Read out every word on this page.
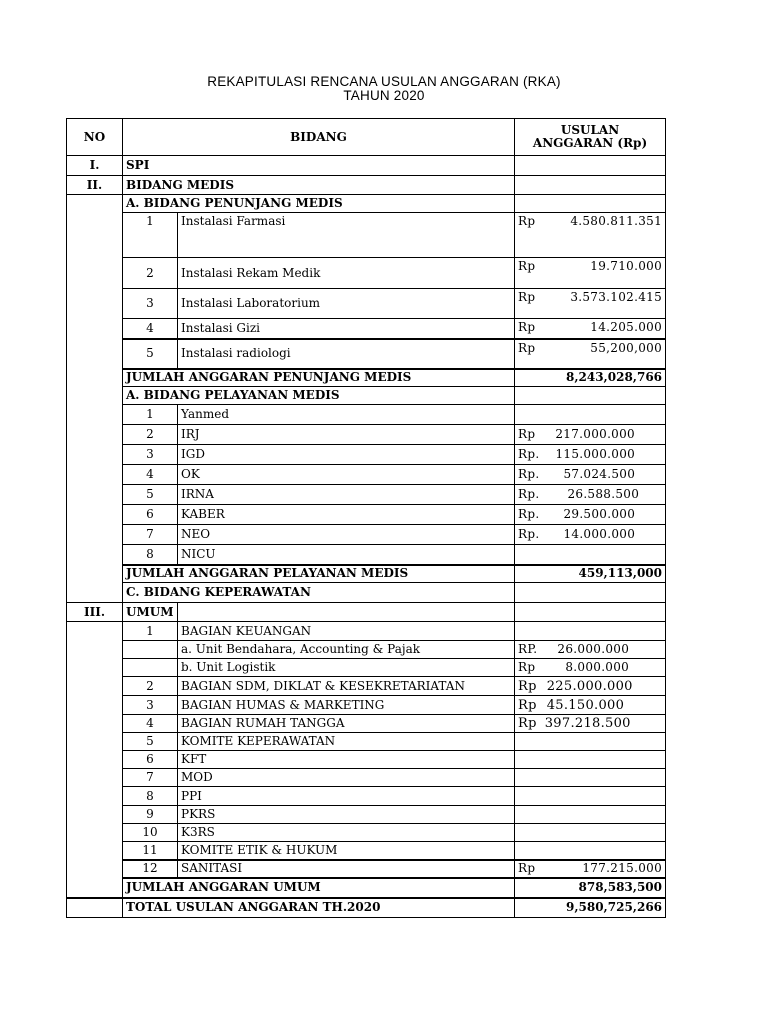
REKAPITULASI RENCANA USULAN ANGGARAN (RKA)
TAHUN 2020
NO	BIDANG		USULAN
ANGGARAN (Rp)

I.	SPI		
II.	BIDANG MEDIS		
	A. BIDANG PENUNJANG MEDIS		
	1	Instalasi Farmasi	Rp 4.580.811.351

	2	Instalasi Rekam Medik	Rp 19.710.000

	3	Instalasi Laboratorium	Rp 3.573.102.415

	4	Instalasi Gizi	Rp 14.205.000

	5	Instalasi radiologi	Rp 55,200,000

	JUMLAH ANGGARAN PENUNJANG MEDIS		8,243,028,766
	A. BIDANG PELAYANAN MEDIS		
	1	Yanmed	
	2	IRJ	Rp 217.000.000

	3	IGD	Rp. 115.000.000

	4	OK	Rp. 57.024.500

	5	IRNA	Rp. 26.588.500

	6	KABER	Rp. 29.500.000

	7	NEO	Rp. 14.000.000

	8	NICU	
	JUMLAH ANGGARAN PELAYANAN MEDIS		459,113,000
	C. BIDANG KEPERAWATAN		
III.	UMUM		
	1	BAGIAN KEUANGAN	
		a. Unit Bendahara, Accounting & Pajak	RP. 26.000.000

		b. Unit Logistik	Rp 8.000.000

	2	BAGIAN SDM, DIKLAT & KESEKRETARIATAN	Rp 225.000.000

	3	BAGIAN HUMAS & MARKETING	Rp 45.150.000

	4	BAGIAN RUMAH TANGGA	Rp 397.218.500

	5	KOMITE KEPERAWATAN	
	6	KFT	
	7	MOD	
	8	PPI	
	9	PKRS	
	10	K3RS	
	11	KOMITE ETIK & HUKUM	
	12	SANITASI	Rp 177.215.000

	JUMLAH ANGGARAN UMUM		878,583,500
	TOTAL USULAN ANGGARAN TH.2020		9,580,725,266
